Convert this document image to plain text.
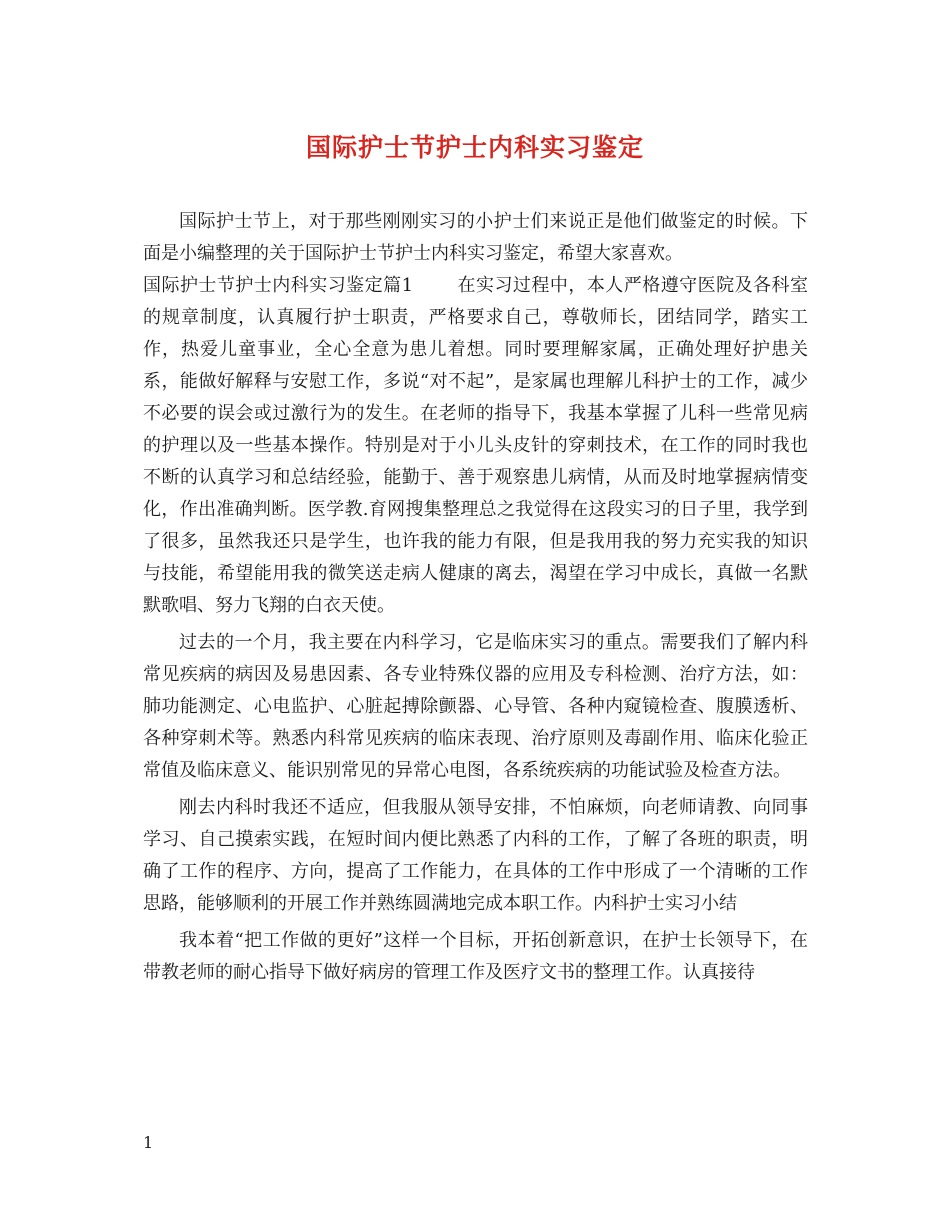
国际护士节护士内科实习鉴定

国际护士节上，对于那些刚刚实习的小护士们来说正是他们做鉴定的时候。下面是小编整理的关于国际护士节护士内科实习鉴定，希望大家喜欢。

国际护士节护士内科实习鉴定篇1 在实习过程中，本人严格遵守医院及各科室的规章制度，认真履行护士职责，严格要求自己，尊敬师长，团结同学，踏实工作，热爱儿童事业，全心全意为患儿着想。同时要理解家属，正确处理好护患关系，能做好解释与安慰工作，多说“对不起”，是家属也理解儿科护士的工作，减少不必要的误会或过激行为的发生。在老师的指导下，我基本掌握了儿科一些常见病的护理以及一些基本操作。特别是对于小儿头皮针的穿刺技术，在工作的同时我也不断的认真学习和总结经验，能勤于、善于观察患儿病情，从而及时地掌握病情变化，作出准确判断。医学教.育网搜集整理总之我觉得在这段实习的日子里，我学到了很多，虽然我还只是学生，也许我的能力有限，但是我用我的努力充实我的知识与技能，希望能用我的微笑送走病人健康的离去，渴望在学习中成长，真做一名默默歌唱、努力飞翔的白衣天使。

过去的一个月，我主要在内科学习，它是临床实习的重点。需要我们了解内科常见疾病的病因及易患因素、各专业特殊仪器的应用及专科检测、治疗方法，如：肺功能测定、心电监护、心脏起搏除颤器、心导管、各种内窥镜检查、腹膜透析、各种穿刺术等。熟悉内科常见疾病的临床表现、治疗原则及毒副作用、临床化验正常值及临床意义、能识别常见的异常心电图，各系统疾病的功能试验及检查方法。

刚去内科时我还不适应，但我服从领导安排，不怕麻烦，向老师请教、向同事学习、自己摸索实践，在短时间内便比熟悉了内科的工作，了解了各班的职责，明确了工作的程序、方向，提高了工作能力，在具体的工作中形成了一个清晰的工作思路，能够顺利的开展工作并熟练圆满地完成本职工作。内科护士实习小结

我本着“把工作做的更好”这样一个目标，开拓创新意识，在护士长领导下，在带教老师的耐心指导下做好病房的管理工作及医疗文书的整理工作。认真接待

1
